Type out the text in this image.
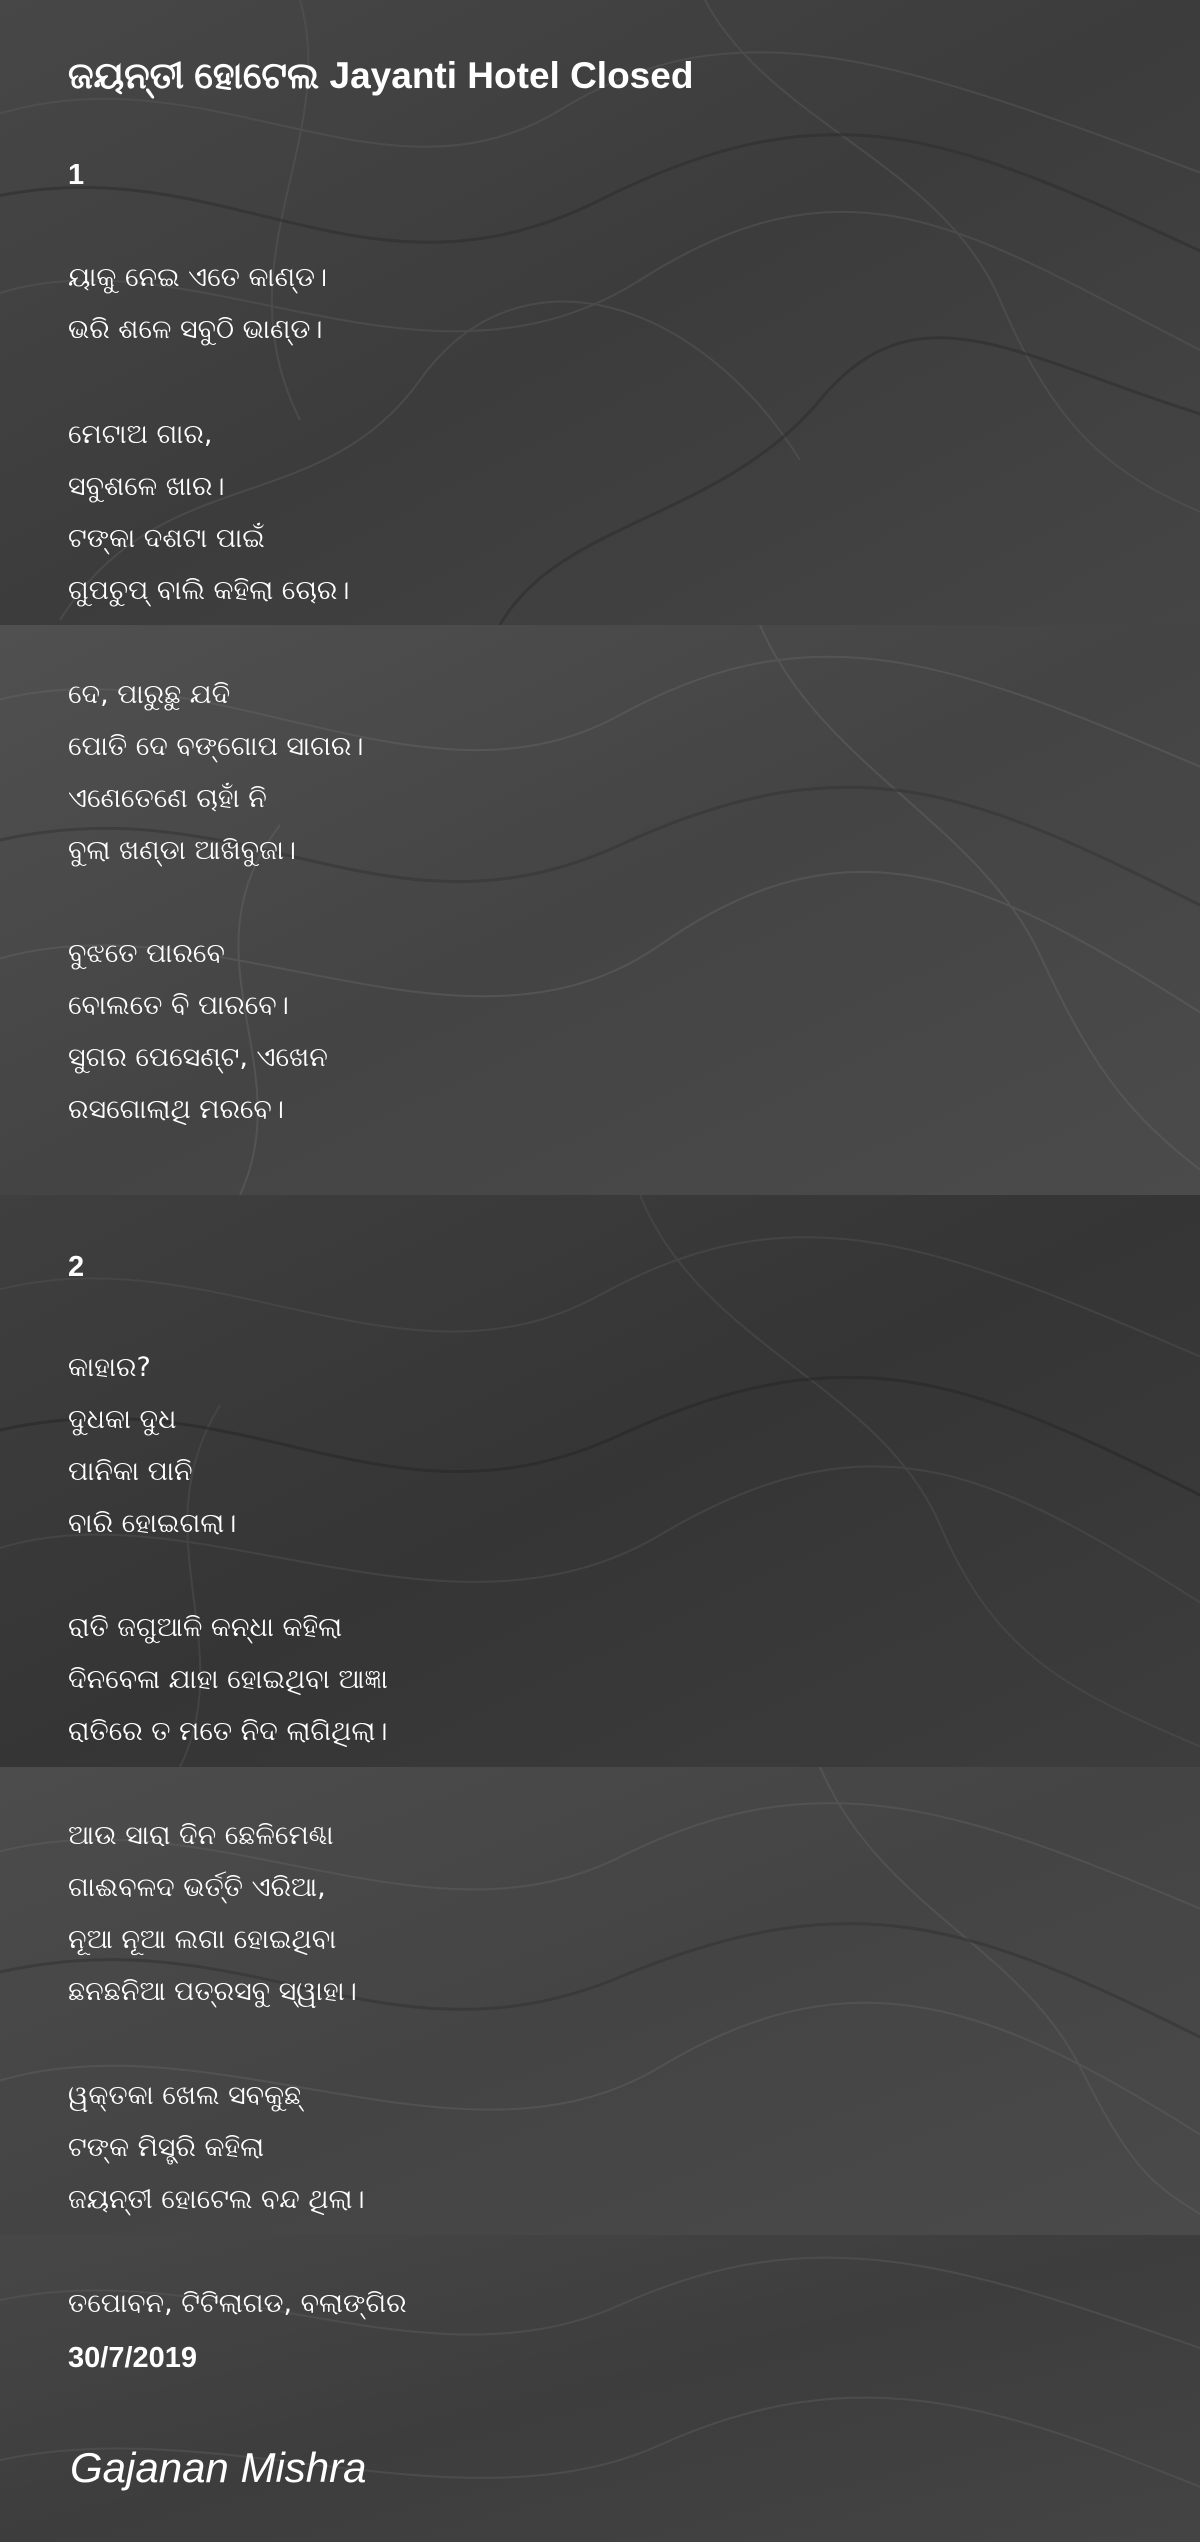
ଜୟନ୍ତୀ ହୋଟେଲ Jayanti Hotel Closed
1
ୟାକୁ ନେଇ ଏତେ କାଣ୍ଡ।
ଭରି ଶଳେ ସବୁଠି ଭାଣ୍ଡ।
ମେଟାଅ ଗାର,
ସବୁଶଳେ ଖାର।
ଟଙ୍କା ଦଶଟା ପାଇଁ
ଗୁପଚୁପ୍ ବାଲି କହିଲା ଚୋର।
ଦେ, ପାରୁଛୁ ଯଦି
ପୋତି ଦେ ବଙ୍ଗୋପ ସାଗର।
ଏଣେତେଣେ ଚାହାଁ ନି
ବୁଲା ଖଣ୍ଡା ଆଖିବୁଜା।
ବୁଝତେ ପାରବେ
ବୋଲତେ ବି ପାରବେ।
ସୁଗର ପେସେଣ୍ଟ, ଏଖେନ
ରସଗୋଲାଥି ମରବେ।
2
କାହାର?
ଦୁଧକା ଦୁଧ
ପାନିକା ପାନି
ବାରି ହୋଇଗଲା।
ରାତି ଜଗୁଆଳି କନ୍ଧା କହିଲା
ଦିନବେଳା ଯାହା ହୋଇଥିବା ଆଜ୍ଞା
ରାତିରେ ତ ମତେ ନିଦ ଲାଗିଥିଲା।
ଆଉ ସାରା ଦିନ ଛେଳିମେଣ୍ଢା
ଗାଈବଳଦ ଭର୍ତ୍ତି ଏରିଆ,
ନୂଆ ନୂଆ ଲଗା ହୋଇଥିବା
ଛନଛନିଆ ପତ୍ରସବୁ ସ୍ୱାହା।
ୱକ୍ତକା ଖେଲ ସବକୁଛ୍
ଟଙ୍କ ମିସ୍ତ୍ରି କହିଲା
ଜୟନ୍ତୀ ହୋଟେଲ ବନ୍ଦ ଥିଲା।
ତପୋବନ, ଟିଟିଲାଗଡ, ବଲାଙ୍ଗିର
30/7/2019
Gajanan Mishra
